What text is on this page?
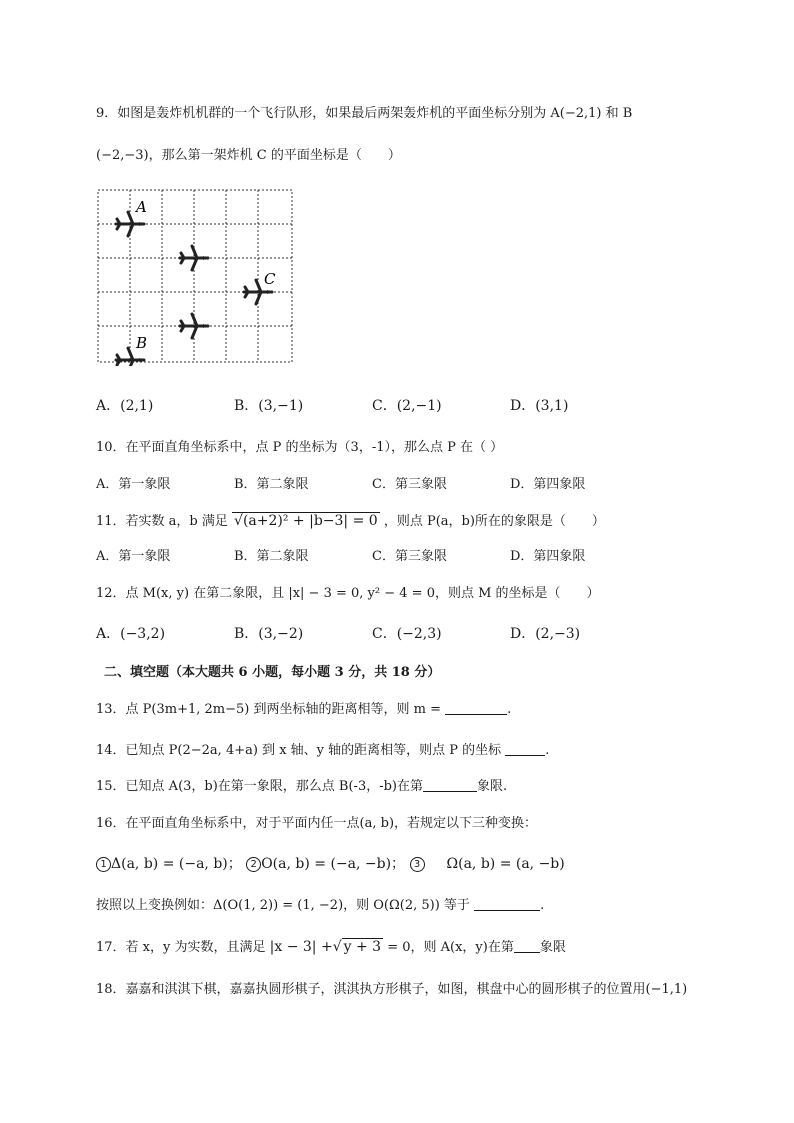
9．如图是轰炸机机群的一个飞行队形，如果最后两架轰炸机的平面坐标分别为 A(−2,1) 和 B
(−2,−3)，那么第一架炸机 C 的平面坐标是（　　）
A
B
C
A．(2,1)	B．(3,−1)	C．(2,−1)	D．(3,1)
10．在平面直角坐标系中，点 P 的坐标为（3，-1），那么点 P 在（ ）
A．第一象限	B．第二象限	C．第三象限	D．第四象限
11．若实数 a，b 满足 √(a+2)² + |b−3| = 0 ，则点 P(a，b)所在的象限是（　　）
A．第一象限	B．第二象限	C．第三象限	D．第四象限
12．点 M(x, y) 在第二象限，且 |x| − 3 = 0, y² − 4 = 0，则点 M 的坐标是（　　）
A．(−3,2)	B．(3,−2)	C．(−2,3)	D．(2,−3)
二、填空题（本大题共 6 小题，每小题 3 分，共 18 分）
13．点 P(3m+1, 2m−5) 到两坐标轴的距离相等，则 m =	.
14．已知点 P(2−2a, 4+a) 到 x 轴、y 轴的距离相等，则点 P 的坐标	.
15．已知点 A(3，b)在第一象限，那么点 B(-3，-b)在第	象限.
16．在平面直角坐标系中，对于平面内任一点(a, b)，若规定以下三种变换：
1 Δ(a, b) = (−a, b)； 2 O(a, b) = (−a, −b)； 3 Ω(a, b) = (a, −b)
按照以上变换例如：Δ(O(1, 2)) = (1, −2)，则 O(Ω(2, 5)) 等于	.
17．若 x，y 为实数，且满足 |x − 3| +√ y + 3 = 0，则 A(x，y)在第 象限
18．嘉嘉和淇淇下棋，嘉嘉执圆形棋子，淇淇执方形棋子，如图，棋盘中心的圆形棋子的位置用(−1,1)
